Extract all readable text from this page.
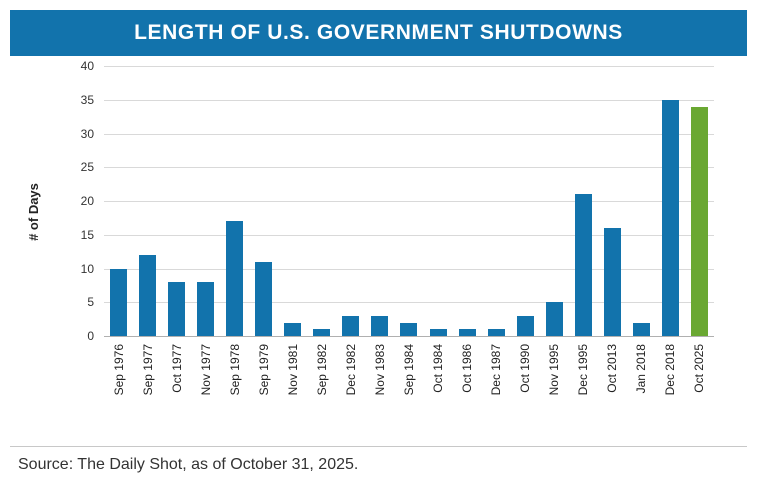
LENGTH OF U.S. GOVERNMENT SHUTDOWNS
# of Days
0
5
10
15
20
25
30
35
40
Sep 1976 Sep 1977 Oct 1977 Nov 1977 Sep 1978 Sep 1979 Nov 1981 Sep 1982 Dec 1982 Nov 1983 Sep 1984 Oct 1984 Oct 1986 Dec 1987 Oct 1990 Nov 1995 Dec 1995 Oct 2013 Jan 2018 Dec 2018 Oct 2025
Source: The Daily Shot, as of October 31, 2025.
